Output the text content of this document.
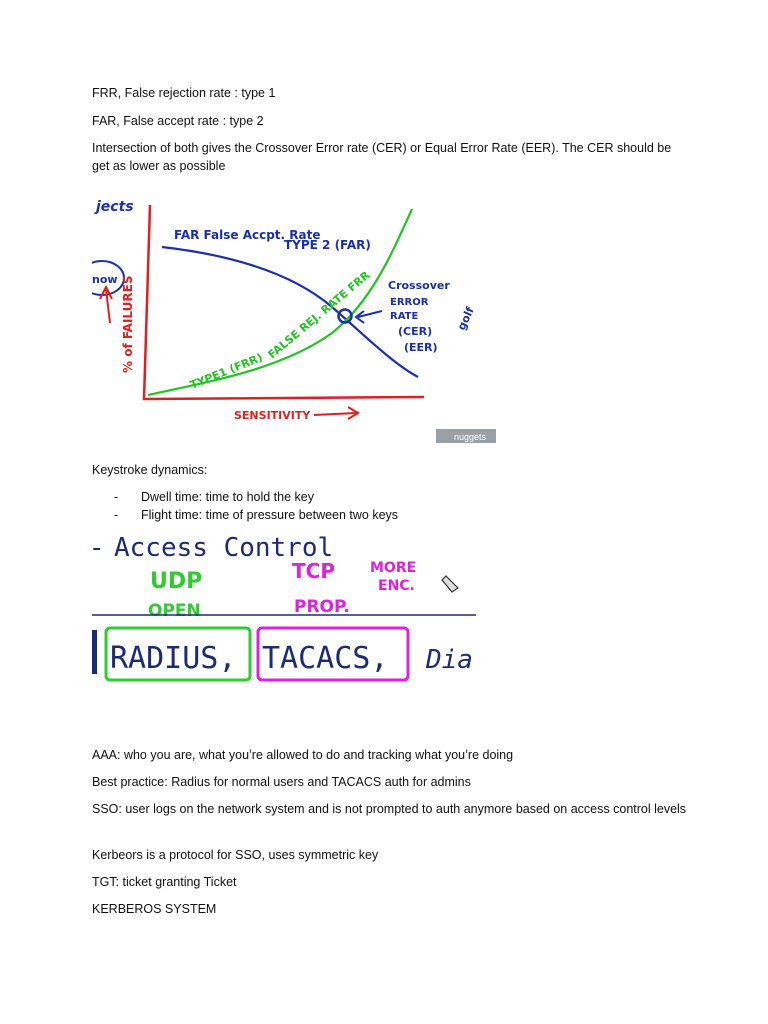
FRR, False rejection rate : type 1

FAR, False accept rate : type 2

Intersection of both gives the Crossover Error rate (CER) or Equal Error Rate (EER). The CER should be get as lower as possible

jects
now % of FAILURES
FAR False Accpt. Rate
TYPE 2 (FAR)
TYPE1 (FRR)
FALSE REJ. RATE FRR Crossover
ERROR
RATE
(CER)
(EER)
golf
SENSITIVITY
nuggets

Keystroke dynamics:

- Dwell time: time to hold the key
- Flight time: time of pressure between two keys
Access Control
-
UDP
OPEN
TCP
PROP.
MORE
ENC.
RADIUS, TACACS, Dia

AAA: who you are, what you’re allowed to do and tracking what you’re doing

Best practice: Radius for normal users and TACACS auth for admins

SSO: user logs on the network system and is not prompted to auth anymore based on access control levels

Kerbeors is a protocol for SSO, uses symmetric key

TGT: ticket granting Ticket

KERBEROS SYSTEM
